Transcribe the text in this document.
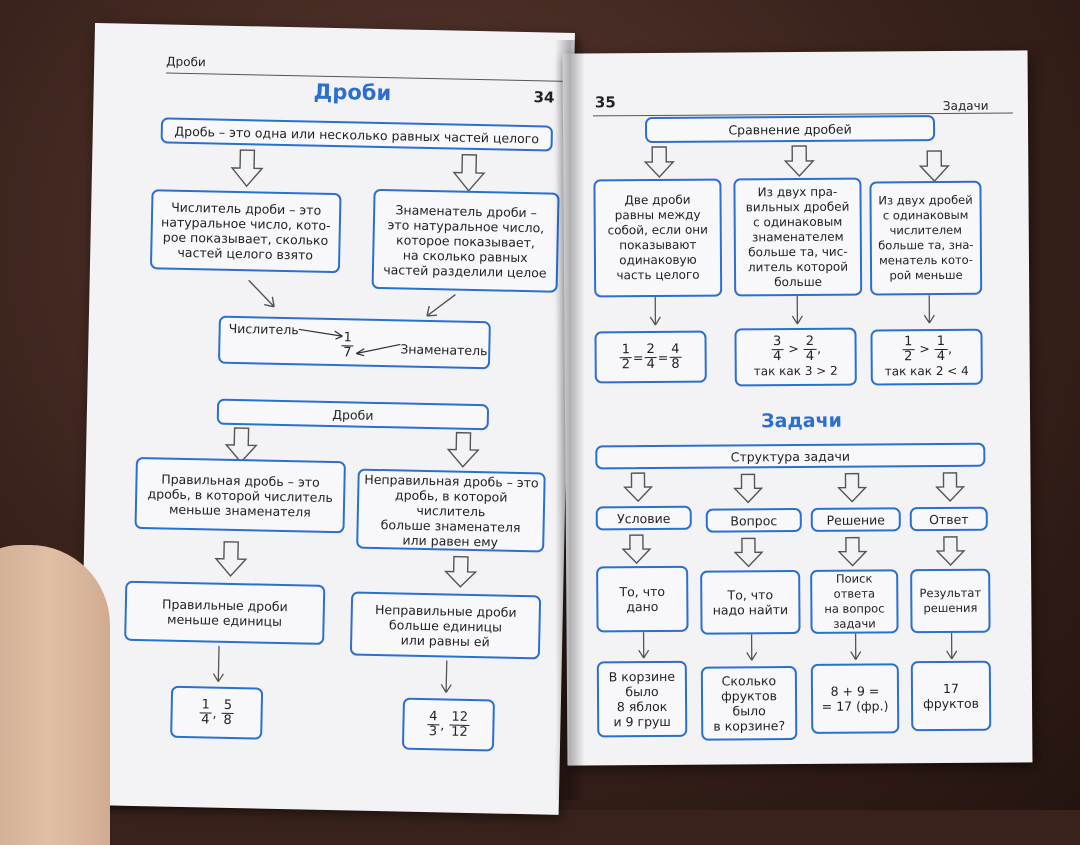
Дроби
34
Дроби
Дробь – это одна или несколько равных частей целого
Числитель дроби – это
натуральное число, кото-
рое показывает, сколько
частей целого взято
Знаменатель дроби –
это натуральное число,
которое показывает,
на сколько равных
частей разделили целое
Числитель
$\frac{1}{7}$	Знаменатель
Дроби
Правильная дробь – это
дробь, в которой числитель
меньше знаменателя
Неправильная дробь – это
дробь, в которой числитель
больше знаменателя
или равен ему
Правильные дроби
меньше единицы
Неправильные дроби
больше единицы
или равны ей
$\frac{1}{4}$ ,
$\frac{5}{8}$	$\frac{4}{3}$ ,
$\frac{12}{12}$
35	Задачи
Сравнение дробей
Две дроби
равны между
собой, если они
показывают
одинаковую
часть целого
Из двух пра-
вильных дробей
с одинаковым
знаменателем
больше та, чис-
литель которой
больше
Из двух дробей
с одинаковым
числителем
больше та, зна-
менатель кото-
рой меньше
$\frac{1}{2} = \frac{2}{4} = \frac{4}{8}$	$\frac{3}{4} > \frac{2}{4}$ ,
так как 3 > 2
$\frac{1}{2} > \frac{1}{4}$ ,
так как 2 < 4
Задачи
Структура задачи
Условие	Вопрос	Решение	Ответ
То, что
дано
То, что
надо найти
Поиск ответа
на вопрос
задачи
Результат
решения
В корзине
было
8 яблок
и 9 груш
Сколько
фруктов
было
в корзине?
8 + 9 =
= 17 (фр.)
17 фруктов
